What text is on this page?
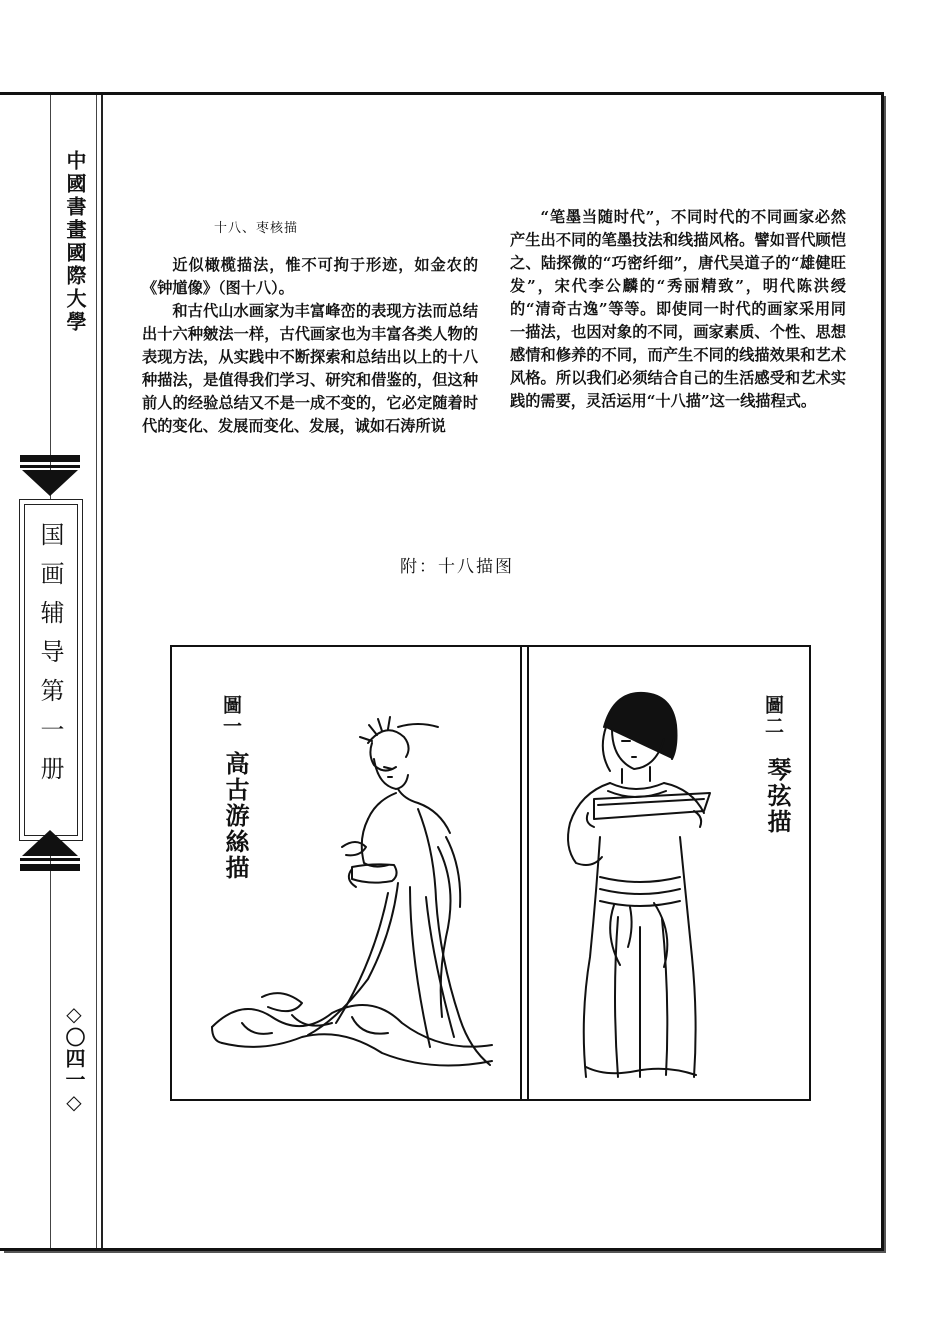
中國書畫國際大學
国画辅导第一册
◇〇四一◇

十八、枣核描

近似橄榄描法，惟不可拘于形迹，如金农的《钟馗像》（图十八）。

和古代山水画家为丰富峰峦的表现方法而总结出十六种皴法一样，古代画家也为丰富各类人物的表现方法，从实践中不断探索和总结出以上的十八种描法，是值得我们学习、研究和借鉴的，但这种前人的经验总结又不是一成不变的，它必定随着时代的变化、发展而变化、发展，诚如石涛所说

“笔墨当随时代”，不同时代的不同画家必然产生出不同的笔墨技法和线描风格。譬如晋代顾恺之、陆探微的“巧密纤细”，唐代吴道子的“雄健旺发”，宋代李公麟的“秀丽精致”，明代陈洪绶的“清奇古逸”等等。即使同一时代的画家采用同一描法，也因对象的不同，画家素质、个性、思想感情和修养的不同，而产生不同的线描效果和艺术风格。所以我们必须结合自己的生活感受和艺术实践的需要，灵活运用“十八描”这一线描程式。

附：十八描图
圖一
高古游絲描
圖二
琴弦描
